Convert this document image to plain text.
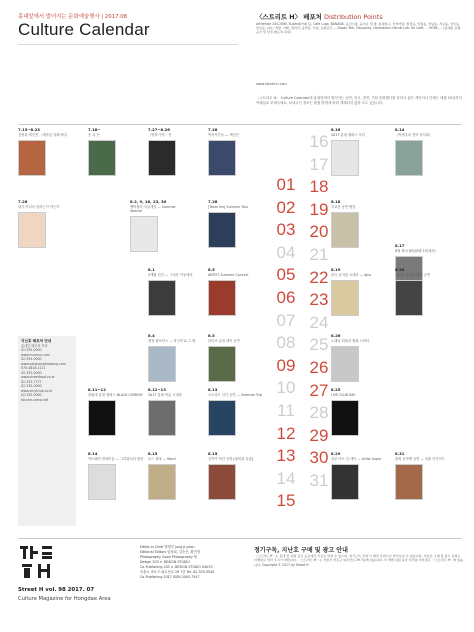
홍대앞에서 벌어지는 문화예술행사 | 2017.08
Culture Calendar
〈스트리트 H〉 배포처 Distribution Points
Artfrenzie 334-2080, B-Aesd(카페 C), Cafe Lugo, BANANA, 동진시장, 을지로 책 방, 홍대입구, 상상마당, 합정동, 망원동, 연남동, 서교동, 상수동, 당인동, 하늘, 책방, 카페, 갤러리, 공연장, 서점, 문화공간 ... Dasan Talk, Gayoonzy, Hanmaeum Haruki Lab, Ho Café, ... HOMI, ... (홍대앞 문화공간 및 상점 배포처 목록)
www.street-h.com
〈스트리트 H〉 Culture Calendar에 홍대앞에서 벌어지는 공연, 전시, 강연, 기타 문화행사를 알리고 싶은 개인이나 단체는 매월 20일까지 이메일로 보내주세요. 보내주신 정보는 편집 방향에 따라 게재되지 않을 수도 있습니다.
01
02
03
04
05
06
07
08
09
10
11
12
13
14
15
16
17
18
19
20
21
22
23
24
25
26
27
28
29
30
31
7.15~8.23
김영옥 개인전 〈계속된 일회에서〉
7.18~
송 류 전
7.27~8.26
〈방학기억〉 전
7.28
여성작가들 — 개인전
8.16
2017 홍대 캠퍼스 투어
8.14
〈박정수의 음악 독서회〉
7.26
내가 어디서 일하는지 아는가
8.2, 9, 16, 23, 30
멤버쉽의 자유게임 — Summer Special
7.28
[Team Ink] Summer Tour
8.18
서교동 공연 팝업
8.17
8월 제 4 활동(8월 1회에서)
8.1
3개월 신간 — 그리운 이들에서
8.5
ARTIST Summer Concert
8.19
한국 뮤지컬 시네마 — Igna
8.20
서교동 뮤지컬 영화 공연
8.4
현장 퍼포먼스 — 마구미 & 그 밖
8.5
라이브 클럽 데이 공연
8.26
노래의 회복과 힐링 시어터
8.11~12
한림대 홍대 캠퍼스 BLACK COMEDY
8.12~13
2017 홍대 여름 시네마
8.13
스트리트 인디 공연 — Summer Trip
8.25
LIVE CLUB DAY
8.14
아트페어 현대미술 — 그리워서의 당신
8.15
로드 광복 — Word
8.15
김작가 야간 공방 [광복절 특집]
8.29
서교 아트 인 데이 — Artist Xupie
8.31
광복 음악제 공연 — 마을 인사이드
지난호 배포처 안내
홍대앞 배포처 목록
02-335-0000
www.murmur.com
02-335-0000
www.sangsangmadang.com
070-4818-1111
02-335-0000
www.streetfood.co.kr
02-333-7777
02-335-0000
www.vinylclub.co.kr
02-335-0000
touche-camp.net
Street H vol. 98 2017. 07
Culture Magazine for Hongdae Area
Editor-in-Chief 발행인 Jung Ji-yeon
Editorial Editors 임성희, 김승은, 황민영
Photography Good Photography 팀
Design 203 × DESIGN STUDIO
Co-Publishing 203 × DESIGN STUDIO 04033
서울시 마포구 와우산로 29 7층 Tel. 02-333-3545
Co-Publishing 2017 ISSN 2093-7547
정기구독, 지난호 구매 및 광고 안내
〈스트리트 H〉는 홍대 앞 문화 공간 곳곳에서 무료로 만날 수 있으며, 정기구독 신청 시 매달 우편으로 받아보실 수 있습니다. 지난호 구매 및 광고 문의는 이메일로 연락 주시기 바랍니다. 〈스트리트 H〉는 서울시 마포구 와우산로 29 7층에 있습니다. 이 책에 실린 글과 사진의 저작권은 〈스트리트 H〉에 있습니다. Copyright © 2017 by Street H
